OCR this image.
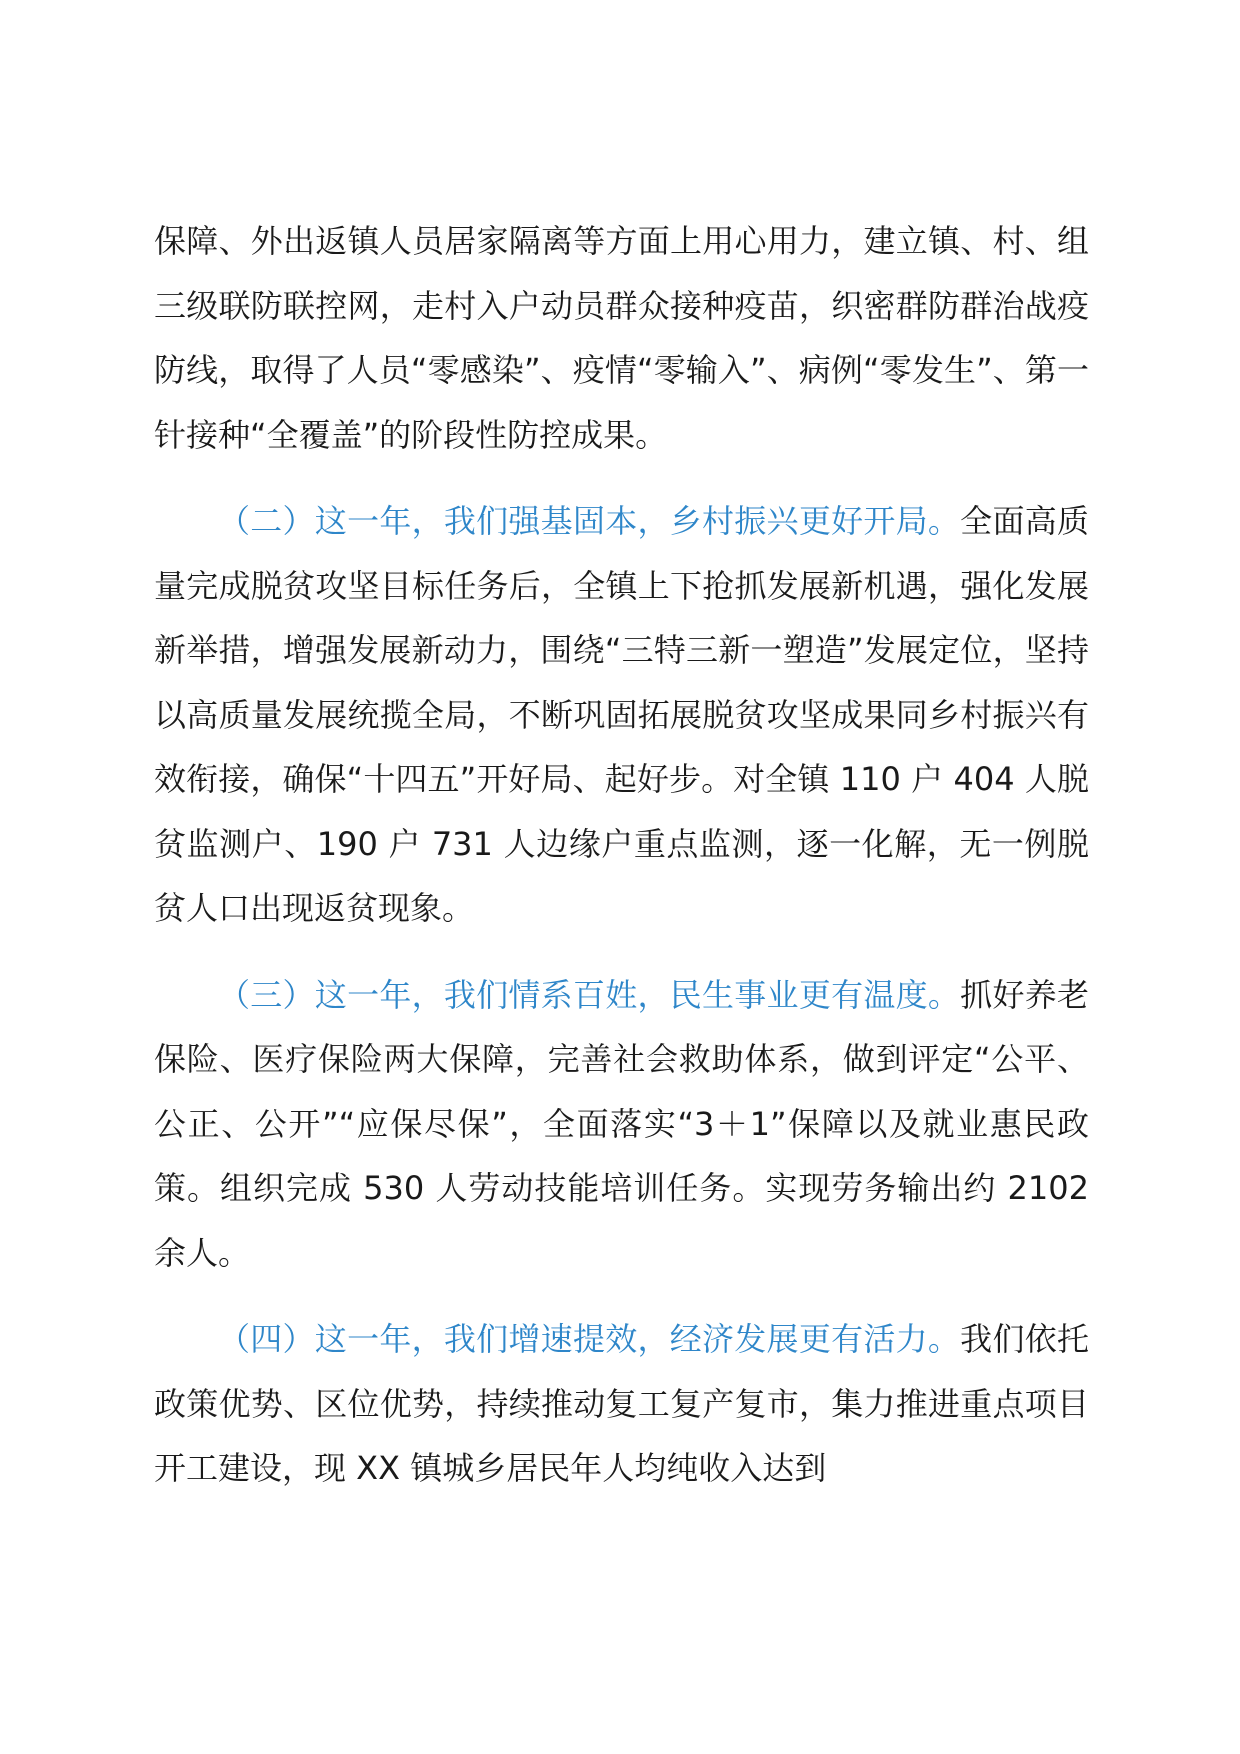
保障、外出返镇人员居家隔离等方面上用心用力，建立镇、村、组三级联防联控网，走村入户动员群众接种疫苗，织密群防群治战疫防线，取得了人员“零感染”、疫情“零输入”、病例“零发生”、第一针接种“全覆盖”的阶段性防控成果。

（二）这一年，我们强基固本，乡村振兴更好开局。全面高质量完成脱贫攻坚目标任务后，全镇上下抢抓发展新机遇，强化发展新举措，增强发展新动力，围绕“三特三新一塑造”发展定位，坚持以高质量发展统揽全局，不断巩固拓展脱贫攻坚成果同乡村振兴有效衔接，确保“十四五”开好局、起好步。对全镇 110 户 404 人脱贫监测户、190 户 731 人边缘户重点监测，逐一化解，无一例脱贫人口出现返贫现象。

（三）这一年，我们情系百姓，民生事业更有温度。抓好养老保险、医疗保险两大保障，完善社会救助体系，做到评定“公平、公正、公开”“应保尽保”，全面落实“3＋1”保障以及就业惠民政策。组织完成 530 人劳动技能培训任务。实现劳务输出约 2102 余人。

（四）这一年，我们增速提效，经济发展更有活力。我们依托政策优势、区位优势，持续推动复工复产复市，集力推进重点项目开工建设，现 XX 镇城乡居民年人均纯收入达到
